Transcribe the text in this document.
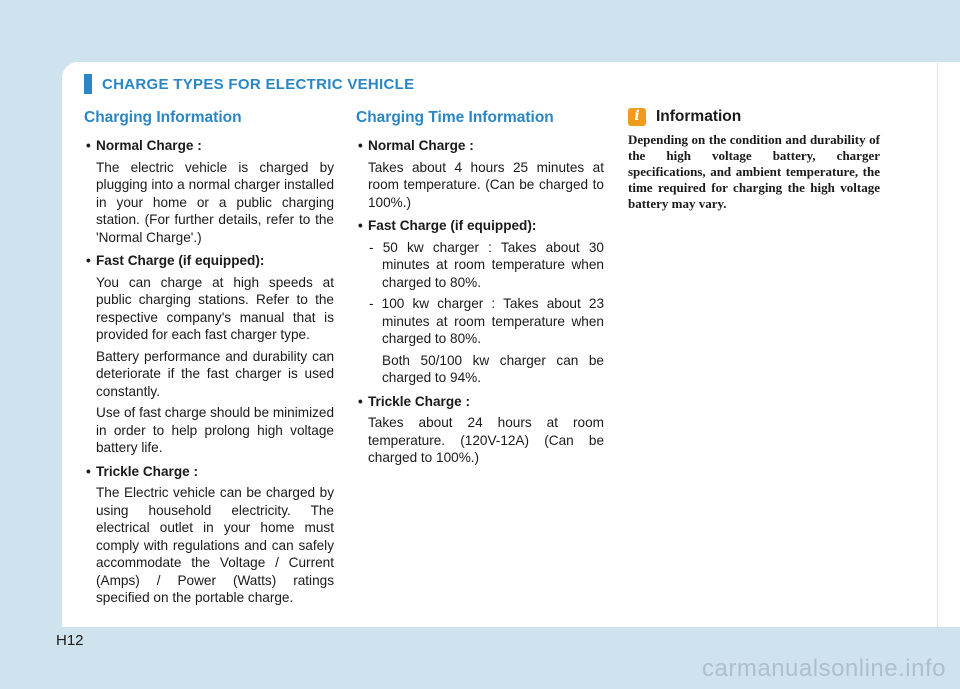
CHARGE TYPES FOR ELECTRIC VEHICLE
Charging Information
• Normal Charge :
The electric vehicle is charged by plugging into a normal charger installed in your home or a public charging station. (For further details, refer to the 'Normal Charge'.)
• Fast Charge (if equipped):
You can charge at high speeds at public charging stations. Refer to the respective company's manual that is provided for each fast charger type.
Battery performance and durability can deteriorate if the fast charger is used constantly.
Use of fast charge should be minimized in order to help prolong high voltage battery life.
• Trickle Charge :
The Electric vehicle can be charged by using household electricity. The electrical outlet in your home must comply with regulations and can safely accommodate the Voltage / Current (Amps) / Power (Watts) ratings specified on the portable charge.
Charging Time Information
• Normal Charge :
Takes about 4 hours 25 minutes at room temperature. (Can be charged to 100%.)
• Fast Charge (if equipped):
- 50 kw charger : Takes about 30 minutes at room temperature when charged to 80%.
- 100 kw charger : Takes about 23 minutes at room temperature when charged to 80%.
Both 50/100 kw charger can be charged to 94%.
• Trickle Charge :
Takes about 24 hours at room temperature. (120V-12A) (Can be charged to 100%.)
i	Information
Depending on the condition and durability of the high voltage battery, charger specifications, and ambient temperature, the time required for charging the high voltage battery may vary.
H12
carmanualsonline.info
